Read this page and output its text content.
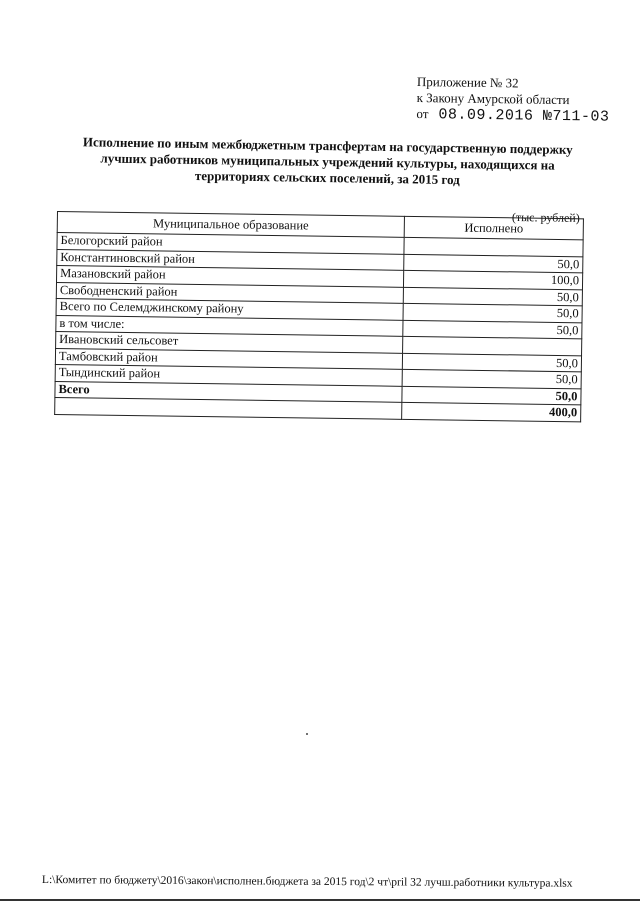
Приложение № 32
к Закону Амурской области
от 08.09.2016 №711-03
Исполнение по иным межбюджетным трансфертам на государственную поддержку
лучших работников муниципальных учреждений культуры, находящихся на
территориях сельских поселений, за 2015 год
(тыс. рублей)
Муниципальное образование	Исполнено
Белогорский район	
Константиновский район	50,0
Мазановский район	100,0
Свободненский район	50,0
Всего по Селемджинскому району	50,0
в том числе:	50,0
Ивановский сельсовет	
Тамбовский район	50,0
Тындинский район	50,0
Всего	50,0
	400,0
L:\Комитет по бюджету\2016\закон\исполнен.бюджета за 2015 год\2 чт\pril 32 лучш.работники культура.xlsx
